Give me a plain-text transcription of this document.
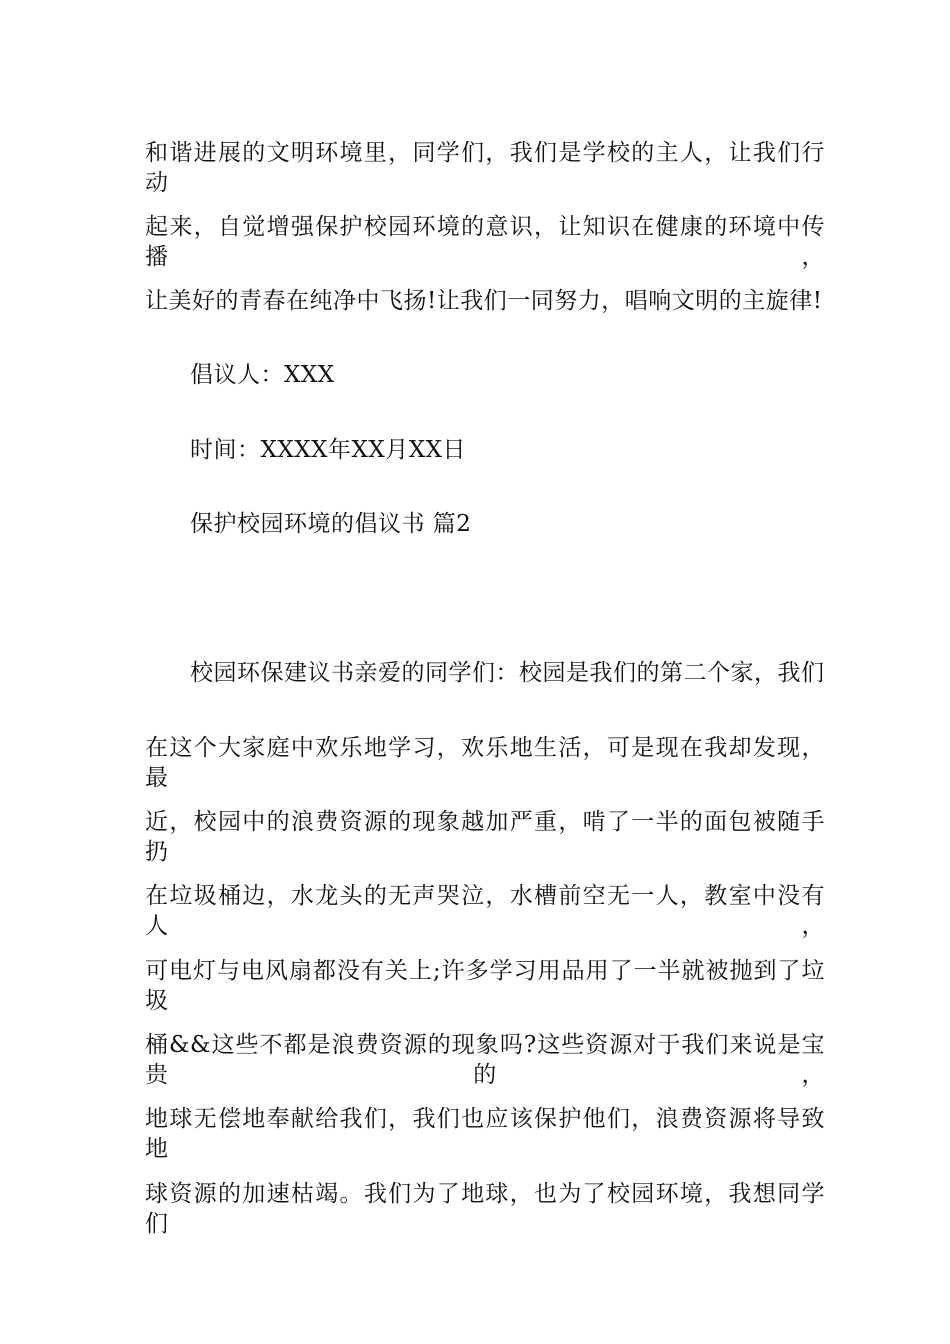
和谐进展的文明环境里，同学们，我们是学校的主人，让我们行动
起来，自觉增强保护校园环境的意识，让知识在健康的环境中传播，
让美好的青春在纯净中飞扬!让我们一同努力，唱响文明的主旋律!
倡议人：XXX
时间：XXXX年XX月XX日
保护校园环境的倡议书 篇2
校园环保建议书亲爱的同学们：校园是我们的第二个家，我们
在这个大家庭中欢乐地学习，欢乐地生活，可是现在我却发现，最
近，校园中的浪费资源的现象越加严重，啃了一半的面包被随手扔
在垃圾桶边，水龙头的无声哭泣，水槽前空无一人，教室中没有人，
可电灯与电风扇都没有关上;许多学习用品用了一半就被抛到了垃圾
桶&&这些不都是浪费资源的现象吗?这些资源对于我们来说是宝贵的，
地球无偿地奉献给我们，我们也应该保护他们，浪费资源将导致地
球资源的加速枯竭。我们为了地球，也为了校园环境，我想同学们
